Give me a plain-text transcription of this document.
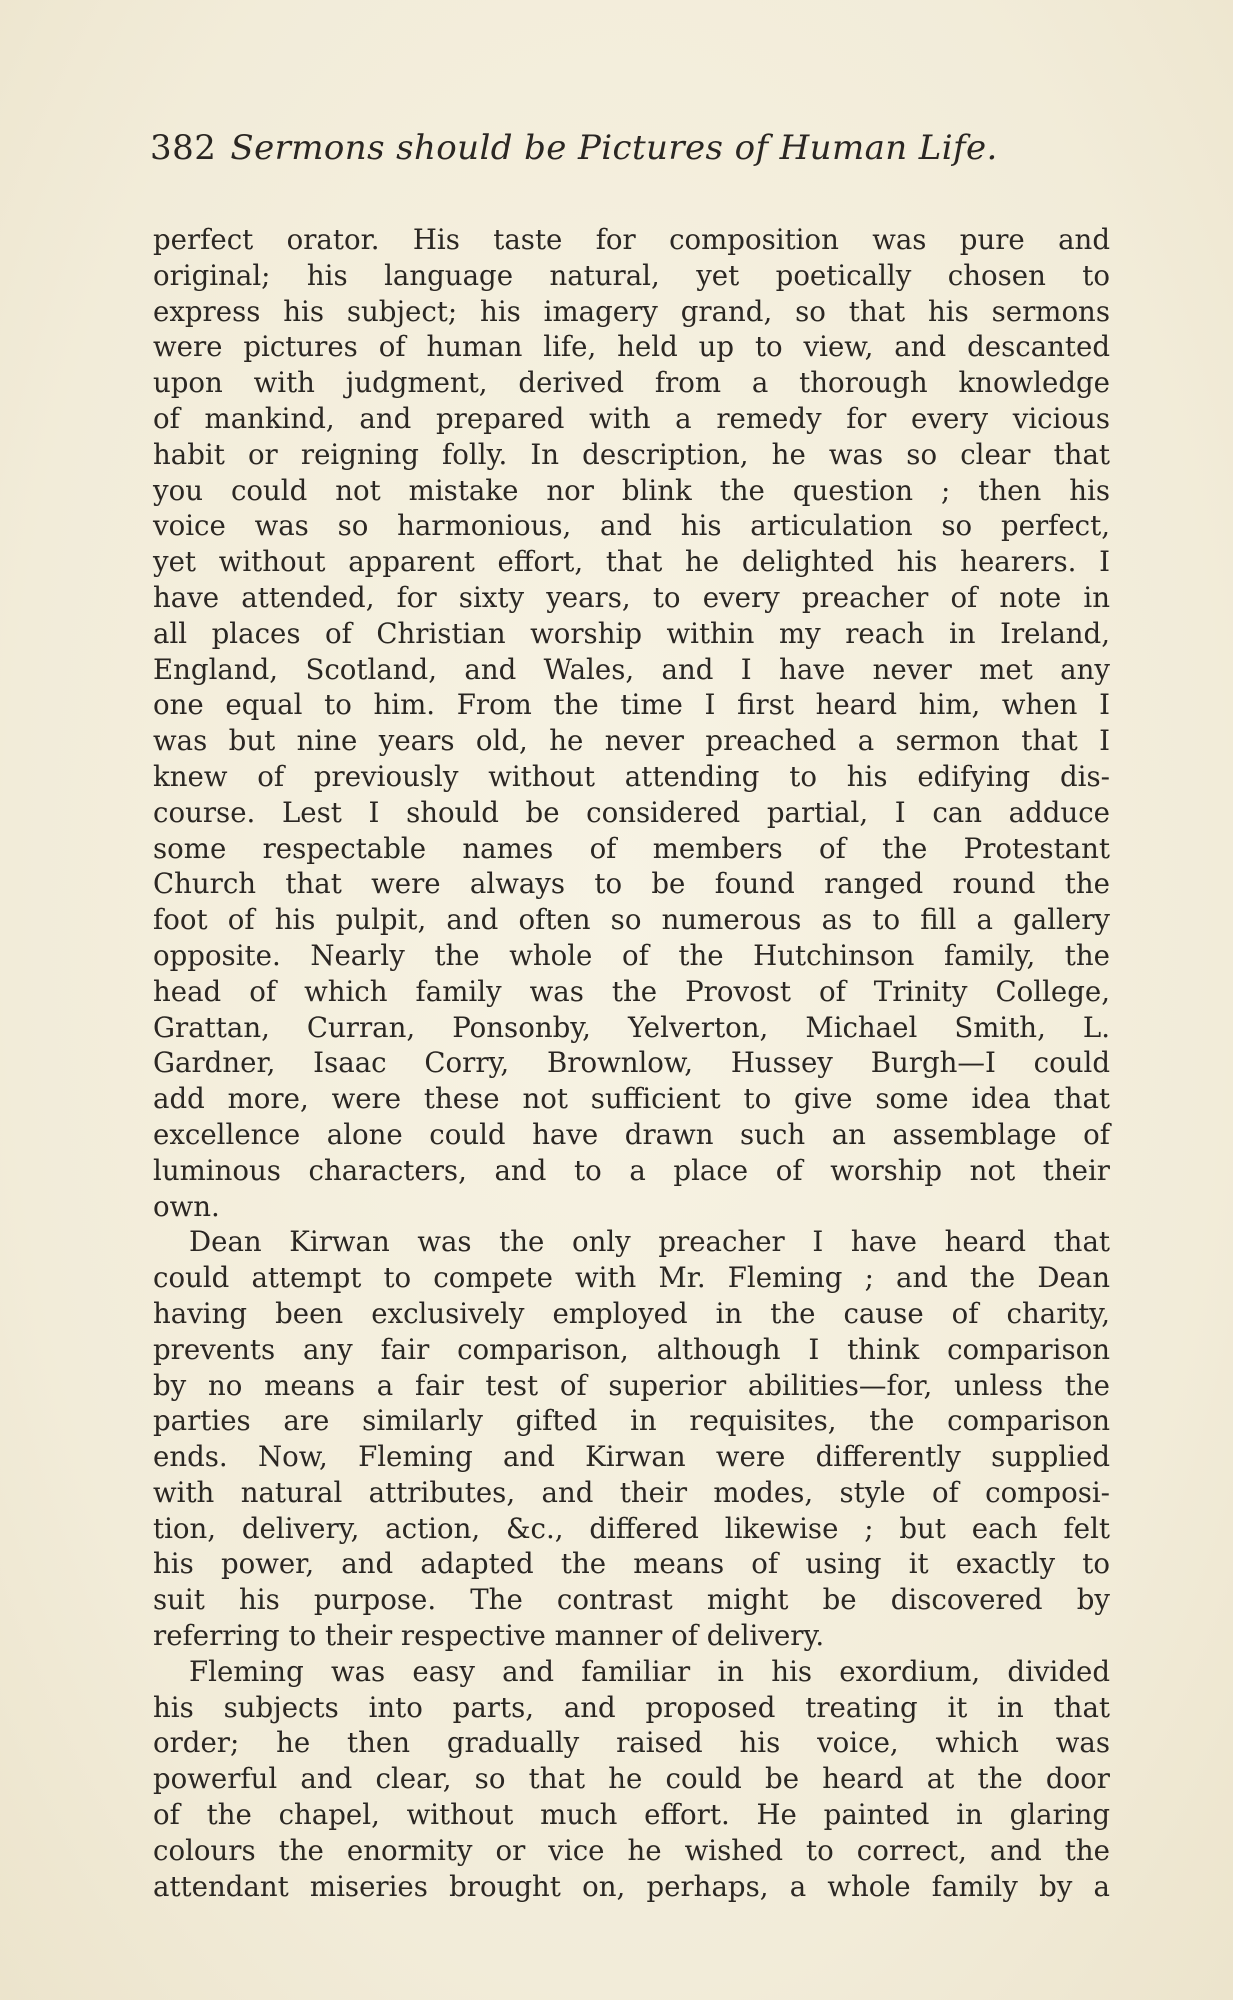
382 Sermons should be Pictures of Human Life.
perfect orator. His taste for composition was pure and
original; his language natural, yet poetically chosen to
express his subject; his imagery grand, so that his sermons
were pictures of human life, held up to view, and descanted
upon with judgment, derived from a thorough knowledge
of mankind, and prepared with a remedy for every vicious
habit or reigning folly. In description, he was so clear that
you could not mistake nor blink the question ; then his
voice was so harmonious, and his articulation so perfect,
yet without apparent effort, that he delighted his hearers. I
have attended, for sixty years, to every preacher of note in
all places of Christian worship within my reach in Ireland,
England, Scotland, and Wales, and I have never met any
one equal to him. From the time I first heard him, when I
was but nine years old, he never preached a sermon that I
knew of previously without attending to his edifying dis-
course. Lest I should be considered partial, I can adduce
some respectable names of members of the Protestant
Church that were always to be found ranged round the
foot of his pulpit, and often so numerous as to fill a gallery
opposite. Nearly the whole of the Hutchinson family, the
head of which family was the Provost of Trinity College,
Grattan, Curran, Ponsonby, Yelverton, Michael Smith, L.
Gardner, Isaac Corry, Brownlow, Hussey Burgh—I could
add more, were these not sufficient to give some idea that
excellence alone could have drawn such an assemblage of
luminous characters, and to a place of worship not their
own.
Dean Kirwan was the only preacher I have heard that
could attempt to compete with Mr. Fleming ; and the Dean
having been exclusively employed in the cause of charity,
prevents any fair comparison, although I think comparison
by no means a fair test of superior abilities—for, unless the
parties are similarly gifted in requisites, the comparison
ends. Now, Fleming and Kirwan were differently supplied
with natural attributes, and their modes, style of composi-
tion, delivery, action, &c., differed likewise ; but each felt
his power, and adapted the means of using it exactly to
suit his purpose. The contrast might be discovered by
referring to their respective manner of delivery.
Fleming was easy and familiar in his exordium, divided
his subjects into parts, and proposed treating it in that
order; he then gradually raised his voice, which was
powerful and clear, so that he could be heard at the door
of the chapel, without much effort. He painted in glaring
colours the enormity or vice he wished to correct, and the
attendant miseries brought on, perhaps, a whole family by a
